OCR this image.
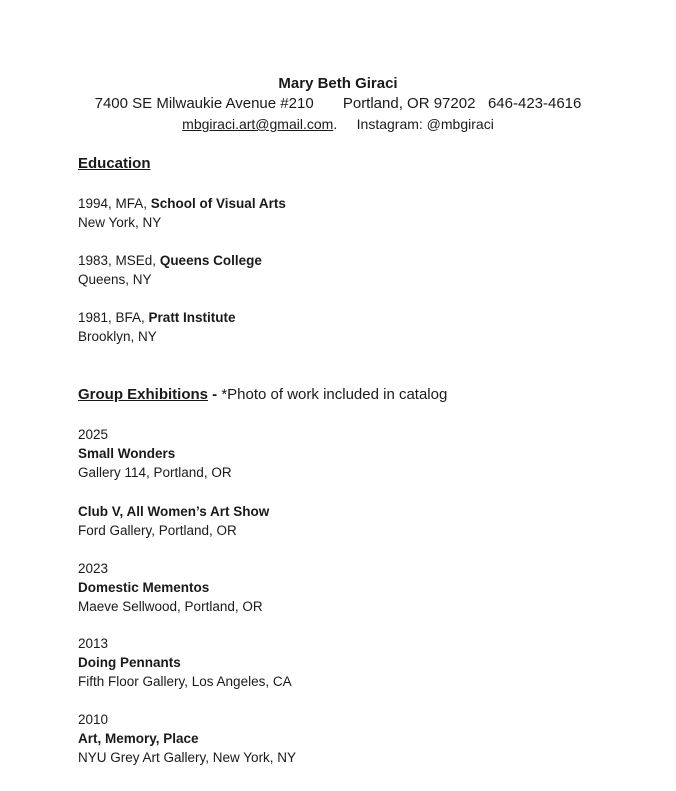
Mary Beth Giraci
7400 SE Milwaukie Avenue #210 Portland, OR 97202 646-423-4616
mbgiraci.art@gmail.com. Instagram: @mbgiraci
Education
1994, MFA, School of Visual Arts
New York, NY
1983, MSEd, Queens College
Queens, NY
1981, BFA, Pratt Institute
Brooklyn, NY
Group Exhibitions - *Photo of work included in catalog
2025
Small Wonders
Gallery 114, Portland, OR
Club V, All Women’s Art Show
Ford Gallery, Portland, OR
2023
Domestic Mementos
Maeve Sellwood, Portland, OR
2013
Doing Pennants
Fifth Floor Gallery, Los Angeles, CA
2010
Art, Memory, Place
NYU Grey Art Gallery, New York, NY
